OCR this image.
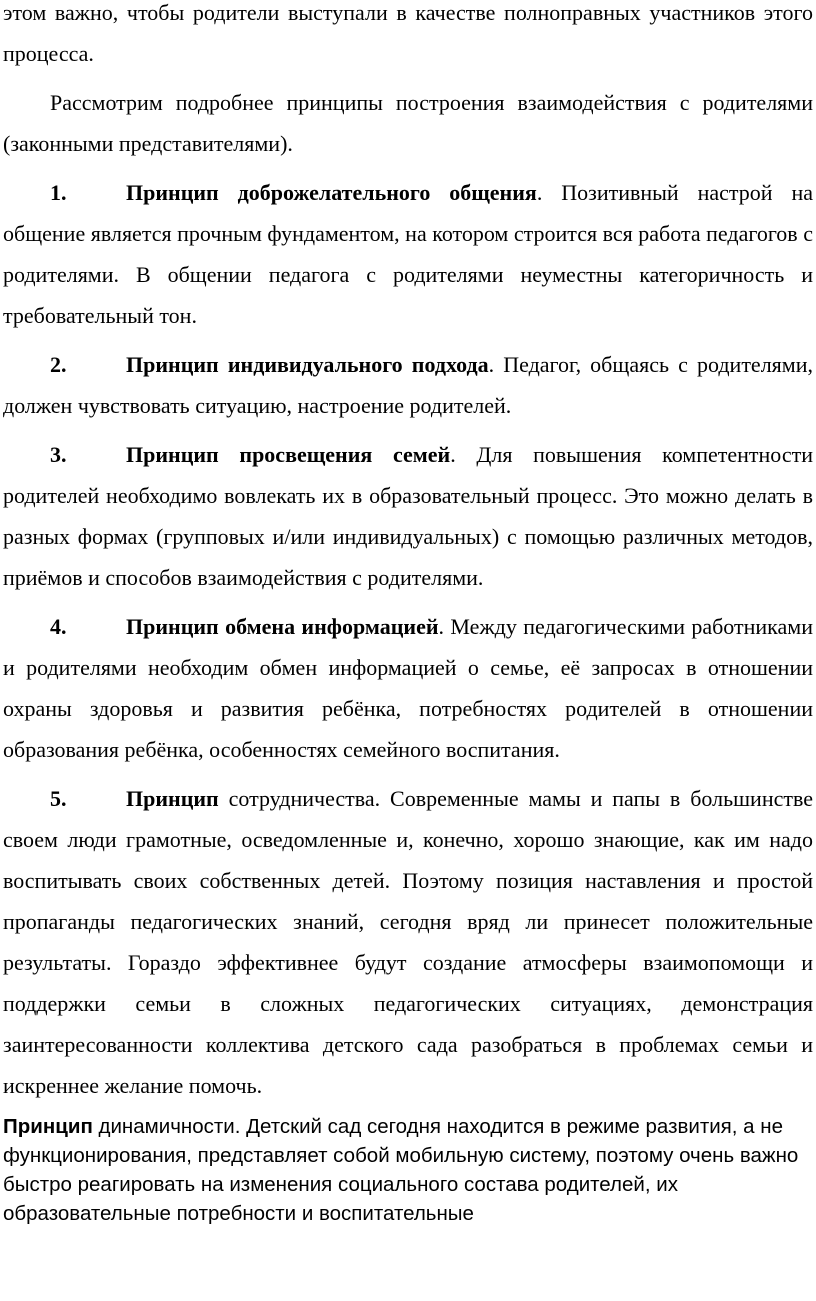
этом важно, чтобы родители выступали в качестве полноправных участников этого процесса.

Рассмотрим подробнее принципы построения взаимодействия с родителями (законными представителями).

1.	Принцип доброжелательного общения. Позитивный настрой на общение является прочным фундаментом, на котором строится вся работа педагогов с родителями. В общении педагога с родителями неуместны категоричность и требовательный тон.

2.	Принцип индивидуального подхода. Педагог, общаясь с родителями, должен чувствовать ситуацию, настроение родителей.

3.	Принцип просвещения семей. Для повышения компетентности родителей необходимо вовлекать их в образовательный процесс. Это можно делать в разных формах (групповых и/или индивидуальных) с помощью различных методов, приёмов и способов взаимодействия с родителями.

4.	Принцип обмена информацией. Между педагогическими работниками и родителями необходим обмен информацией о семье, её запросах в отношении охраны здоровья и развития ребёнка, потребностях родителей в отношении образования ребёнка, особенностях семейного воспитания.

5.	Принцип сотрудничества. Современные мамы и папы в большинстве своем люди грамотные, осведомленные и, конечно, хорошо знающие, как им надо воспитывать своих собственных детей. Поэтому позиция наставления и простой пропаганды педагогических знаний, сегодня вряд ли принесет положительные результаты. Гораздо эффективнее будут создание атмосферы взаимопомощи и поддержки семьи в сложных педагогических ситуациях, демонстрация заинтересованности коллектива детского сада разобраться в проблемах семьи и искреннее желание помочь.

Принцип динамичности. Детский сад сегодня находится в режиме развития, а не функционирования, представляет собой мобильную систему, поэтому очень важно быстро реагировать на изменения социального состава родителей, их образовательные потребности и воспитательные
